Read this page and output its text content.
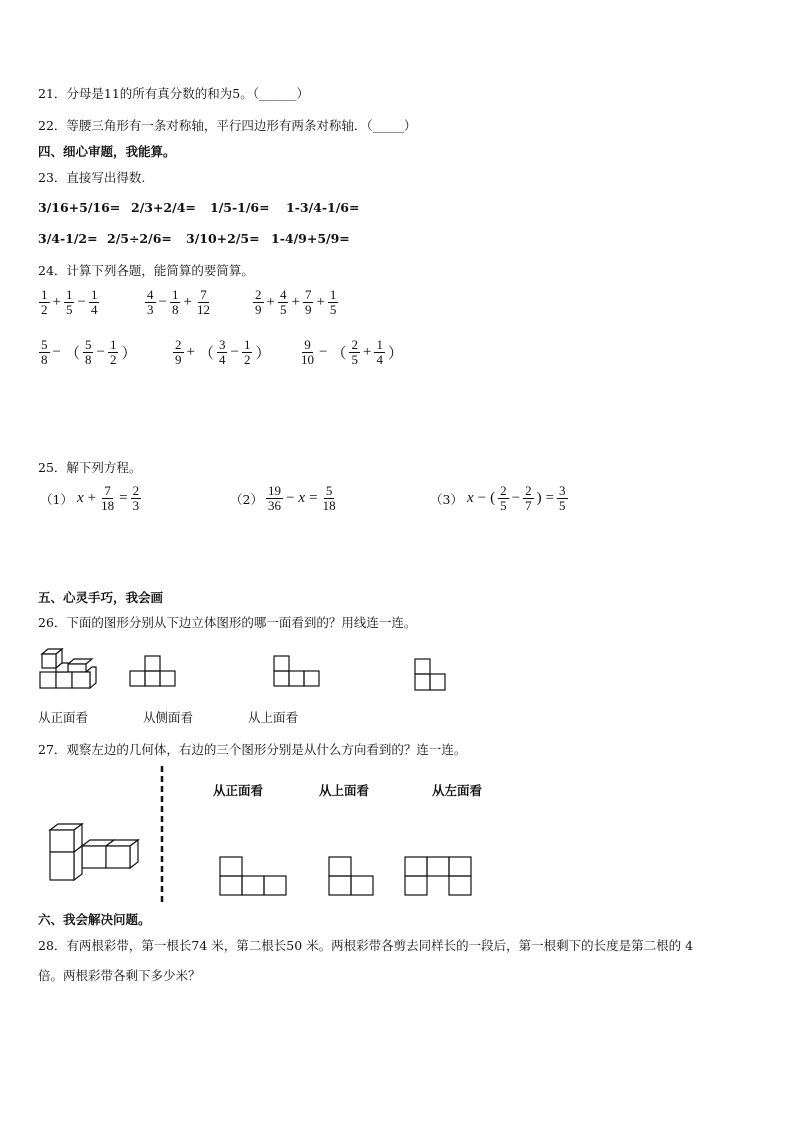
21．分母是11的所有真分数的和为5。（______）
22．等腰三角形有一条对称轴，平行四边形有两条对称轴．（_____）
四、细心审题，我能算。
23．直接写出得数.
3/16+5/16= 2/3+2/4= 1/5-1/6= 1-3/4-1/6=
3/4-1/2= 2/5÷2/6= 3/10+2/5= 1-4/9+5/9=
24．计算下列各题，能简算的要简算。
$\frac{1}{2} + \frac{1}{5} - \frac{1}{4}$	$\frac{4}{3} - \frac{1}{8} + \frac{7}{12}$	$\frac{2}{9} + \frac{4}{5} + \frac{7}{9} + \frac{1}{5}$
$\frac{5}{8}$ − （ $\frac{5}{8} - \frac{1}{2}$ ）	$\frac{2}{9}$ + （ $\frac{3}{4} - \frac{1}{2}$ ） $\frac{9}{10}$ − （ $\frac{2}{5} + \frac{1}{4}$ ）
25．解下列方程。
（1） $x + \frac{7}{18} = \frac{2}{3}$	$(2) \frac{19}{36} - x = \frac{5}{18}$	（3） x − ( $\frac{2}{5} - \frac{2}{7}$ ) = $\frac{3}{5}$
五、心灵手巧，我会画
26．下面的图形分别从下边立体图形的哪一面看到的？用线连一连。
从正面看	从侧面看	从上面看
27．观察左边的几何体，右边的三个图形分别是从什么方向看到的？连一连。
从正面看	从上面看	从左面看
六、我会解决问题。
28．有两根彩带，第一根长74 米，第二根长50 米。两根彩带各剪去同样长的一段后，第一根剩下的长度是第二根的 4
倍。两根彩带各剩下多少米？
